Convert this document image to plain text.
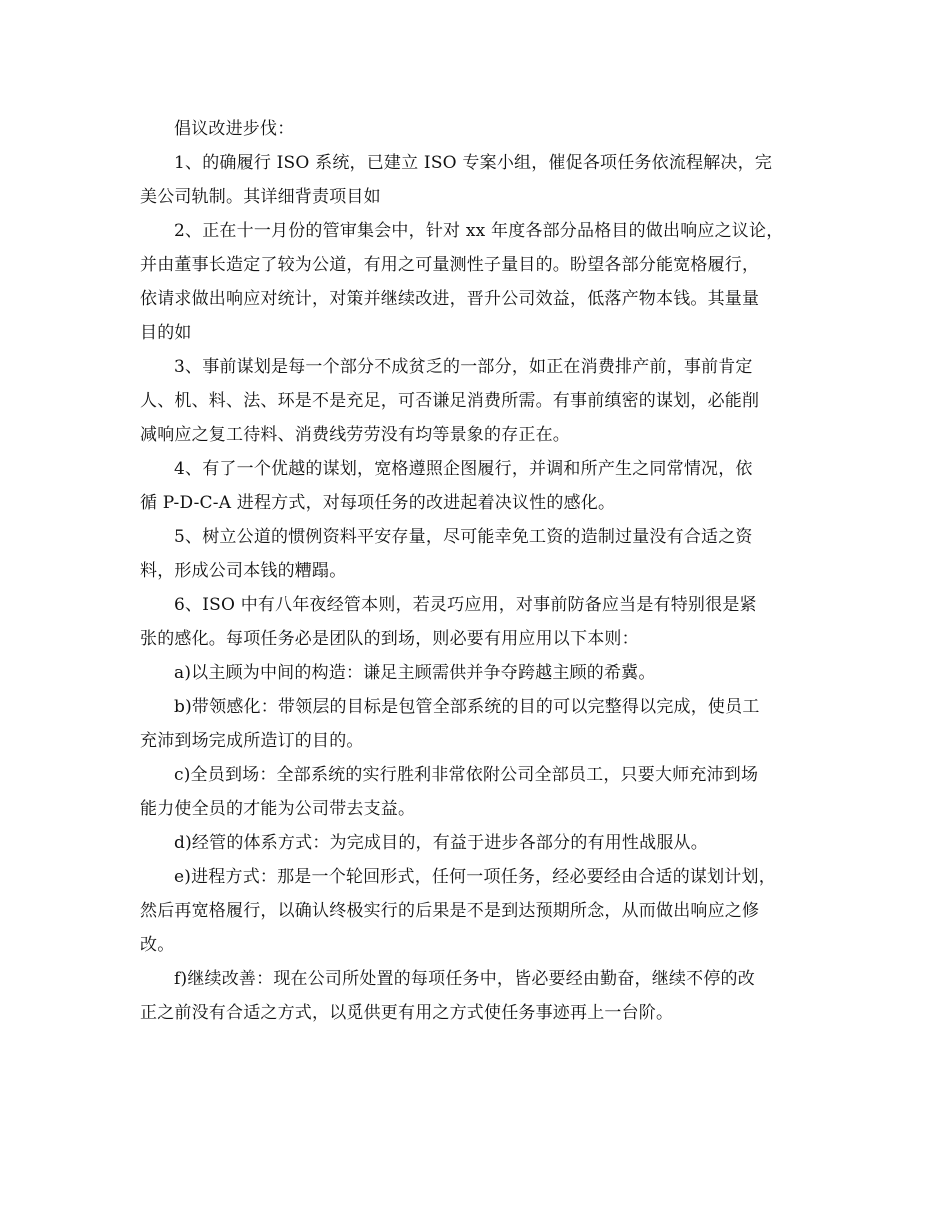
倡议改进步伐：
1、的确履行 ISO 系统，已建立 ISO 专案小组，催促各项任务依流程解决，完
美公司轨制。其详细背责项目如
2、正在十一月份的管审集会中，针对 xx 年度各部分品格目的做出响应之议论，
并由董事长造定了较为公道，有用之可量测性子量目的。盼望各部分能宽格履行，
依请求做出响应对统计，对策并继续改进，晋升公司效益，低落产物本钱。其量量
目的如
3、事前谋划是每一个部分不成贫乏的一部分，如正在消费排产前，事前肯定
人、机、料、法、环是不是充足，可否谦足消费所需。有事前缜密的谋划，必能削
减响应之复工待料、消费线劳劳没有均等景象的存正在。
4、有了一个优越的谋划，宽格遵照企图履行，并调和所产生之同常情况，依
循 P-D-C-A 进程方式，对每项任务的改进起着决议性的感化。
5、树立公道的惯例资料平安存量，尽可能幸免工资的造制过量没有合适之资
料，形成公司本钱的糟蹋。
6、ISO 中有八年夜经管本则，若灵巧应用，对事前防备应当是有特别很是紧
张的感化。每项任务必是团队的到场，则必要有用应用以下本则：
a)以主顾为中间的构造：谦足主顾需供并争夺跨越主顾的希冀。
b)带领感化：带领层的目标是包管全部系统的目的可以完整得以完成，使员工
充沛到场完成所造订的目的。
c)全员到场：全部系统的实行胜利非常依附公司全部员工，只要大师充沛到场
能力使全员的才能为公司带去支益。
d)经管的体系方式：为完成目的，有益于进步各部分的有用性战服从。
e)进程方式：那是一个轮回形式，任何一项任务，经必要经由合适的谋划计划，
然后再宽格履行，以确认终极实行的后果是不是到达预期所念，从而做出响应之修
改。
f)继续改善：现在公司所处置的每项任务中，皆必要经由勤奋，继续不停的改
正之前没有合适之方式，以觅供更有用之方式使任务事迹再上一台阶。
